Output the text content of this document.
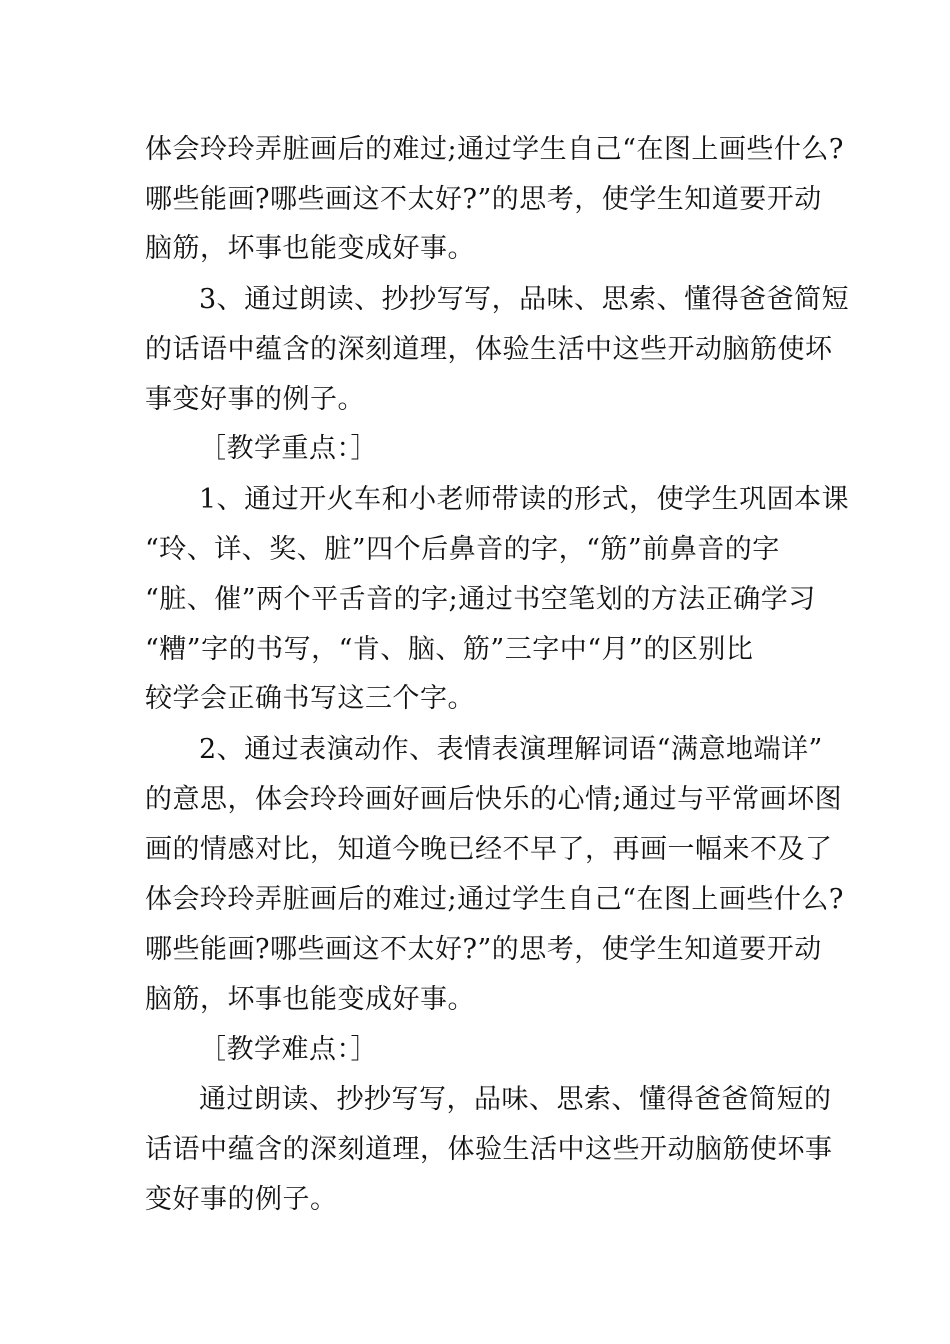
体会玲玲弄脏画后的难过;通过学生自己“在图上画些什么?
哪些能画?哪些画这不太好?”的思考，使学生知道要开动
脑筋，坏事也能变成好事。
3、通过朗读、抄抄写写，品味、思索、懂得爸爸简短
的话语中蕴含的深刻道理，体验生活中这些开动脑筋使坏
事变好事的例子。
［教学重点：］
1、通过开火车和小老师带读的形式，使学生巩固本课
“玲、详、奖、脏”四个后鼻音的字，“筋”前鼻音的字
“脏、催”两个平舌音的字;通过书空笔划的方法正确学习
“糟”字的书写，“肯、脑、筋”三字中“月”的区别比
较学会正确书写这三个字。
2、通过表演动作、表情表演理解词语“满意地端详”
的意思，体会玲玲画好画后快乐的心情;通过与平常画坏图
画的情感对比，知道今晚已经不早了，再画一幅来不及了
体会玲玲弄脏画后的难过;通过学生自己“在图上画些什么?
哪些能画?哪些画这不太好?”的思考，使学生知道要开动
脑筋，坏事也能变成好事。
［教学难点：］
通过朗读、抄抄写写，品味、思索、懂得爸爸简短的
话语中蕴含的深刻道理，体验生活中这些开动脑筋使坏事
变好事的例子。
